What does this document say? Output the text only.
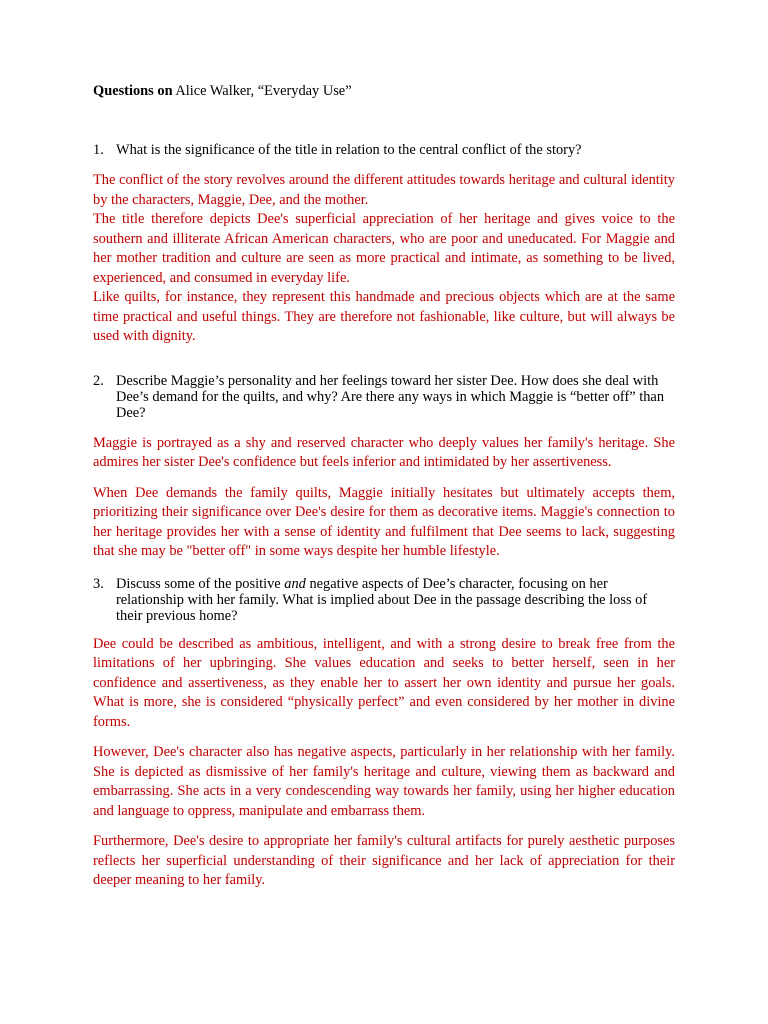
Questions on Alice Walker, “Everyday Use”
1. What is the significance of the title in relation to the central conflict of the story?

The conflict of the story revolves around the different attitudes towards heritage and cultural identity by the characters, Maggie, Dee, and the mother.

The title therefore depicts Dee's superficial appreciation of her heritage and gives voice to the southern and illiterate African American characters, who are poor and uneducated. For Maggie and her mother tradition and culture are seen as more practical and intimate, as something to be lived, experienced, and consumed in everyday life.

Like quilts, for instance, they represent this handmade and precious objects which are at the same time practical and useful things. They are therefore not fashionable, like culture, but will always be used with dignity.

2. Describe Maggie’s personality and her feelings toward her sister Dee. How does she deal with Dee’s demand for the quilts, and why? Are there any ways in which Maggie is “better off” than Dee?

Maggie is portrayed as a shy and reserved character who deeply values her family's heritage. She admires her sister Dee's confidence but feels inferior and intimidated by her assertiveness.

When Dee demands the family quilts, Maggie initially hesitates but ultimately accepts them, prioritizing their significance over Dee's desire for them as decorative items. Maggie's connection to her heritage provides her with a sense of identity and fulfilment that Dee seems to lack, suggesting that she may be "better off" in some ways despite her humble lifestyle.

3. Discuss some of the positive and negative aspects of Dee’s character, focusing on her relationship with her family. What is implied about Dee in the passage describing the loss of their previous home?

Dee could be described as ambitious, intelligent, and with a strong desire to break free from the limitations of her upbringing. She values education and seeks to better herself, seen in her confidence and assertiveness, as they enable her to assert her own identity and pursue her goals. What is more, she is considered “physically perfect” and even considered by her mother in divine forms.

However, Dee's character also has negative aspects, particularly in her relationship with her family. She is depicted as dismissive of her family's heritage and culture, viewing them as backward and embarrassing. She acts in a very condescending way towards her family, using her higher education and language to oppress, manipulate and embarrass them.

Furthermore, Dee's desire to appropriate her family's cultural artifacts for purely aesthetic purposes reflects her superficial understanding of their significance and her lack of appreciation for their deeper meaning to her family.
